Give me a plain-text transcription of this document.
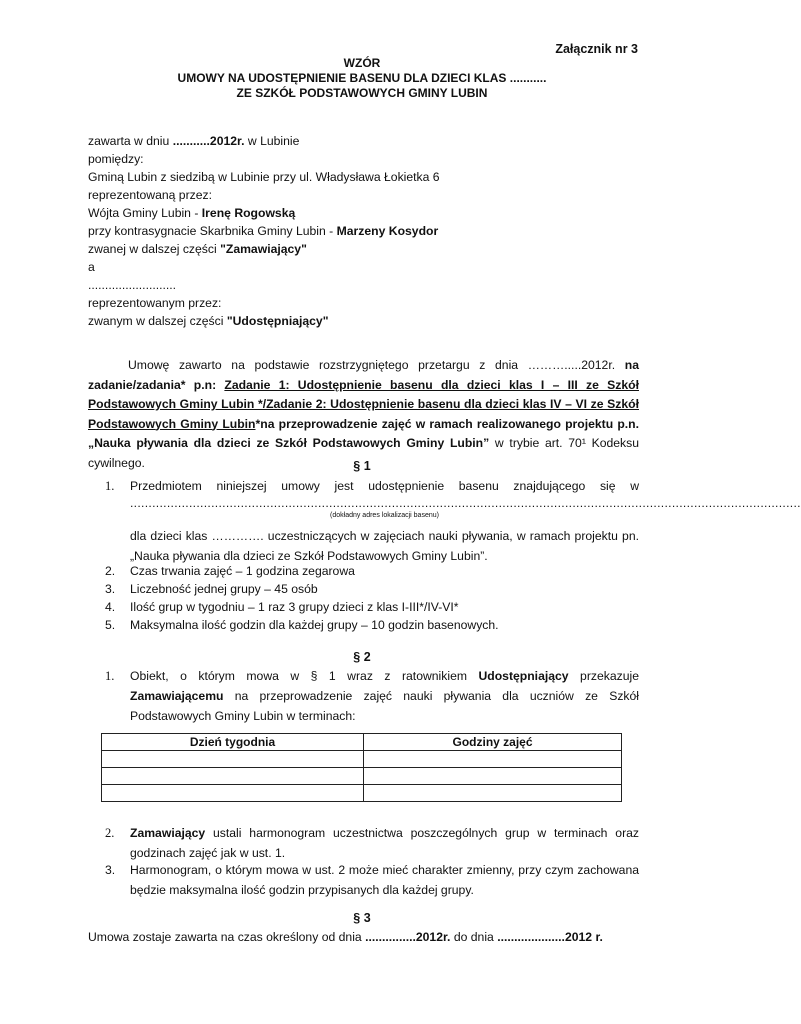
Załącznik nr 3
WZÓR
UMOWY NA UDOSTĘPNIENIE BASENU DLA DZIECI KLAS ...........
ZE SZKÓŁ PODSTAWOWYCH GMINY LUBIN
zawarta w dniu ...........2012r. w Lubinie
pomiędzy:
Gminą Lubin z siedzibą w Lubinie przy ul. Władysława Łokietka 6
reprezentowaną przez:
Wójta Gminy Lubin - Irenę Rogowską
przy kontrasygnacie Skarbnika Gminy Lubin - Marzeny Kosydor
zwanej w dalszej części "Zamawiający"
a
..........................
reprezentowanym przez:
zwanym w dalszej części "Udostępniający"
Umowę zawarto na podstawie rozstrzygniętego przetargu z dnia ……….....2012r. na zadanie/zadania* p.n: Zadanie 1: Udostępnienie basenu dla dzieci klas I – III ze Szkół Podstawowych Gminy Lubin */Zadanie 2: Udostępnienie basenu dla dzieci klas IV – VI ze Szkół Podstawowych Gminy Lubin*na przeprowadzenie zajęć w ramach realizowanego projektu p.n. „Nauka pływania dla dzieci ze Szkół Podstawowych Gminy Lubin” w trybie art. 70¹ Kodeksu cywilnego.	§ 1
1. Przedmiotem niniejszej umowy jest udostępnienie basenu znajdującego się w
......................................................................................................................................................................................
(dokładny adres lokalizacji basenu)
dla dzieci klas …………. uczestniczących w zajęciach nauki pływania, w ramach projektu pn. „Nauka pływania dla dzieci ze Szkół Podstawowych Gminy Lubin”.
2. Czas trwania zajęć – 1 godzina zegarowa
3. Liczebność jednej grupy – 45 osób
4. Ilość grup w tygodniu – 1 raz 3 grupy dzieci z klas I-III*/IV-VI*
5. Maksymalna ilość godzin dla każdej grupy – 10 godzin basenowych.
§ 2
1. Obiekt, o którym mowa w § 1 wraz z ratownikiem Udostępniający przekazuje Zamawiającemu na przeprowadzenie zajęć nauki pływania dla uczniów ze Szkół Podstawowych Gminy Lubin w terminach:
Dzień tygodnia	Godziny zajęć

2. Zamawiający ustali harmonogram uczestnictwa poszczególnych grup w terminach oraz godzinach zajęć jak w ust. 1.
3. Harmonogram, o którym mowa w ust. 2 może mieć charakter zmienny, przy czym zachowana będzie maksymalna ilość godzin przypisanych dla każdej grupy.
§ 3
Umowa zostaje zawarta na czas określony od dnia ...............2012r. do dnia ....................2012 r.
